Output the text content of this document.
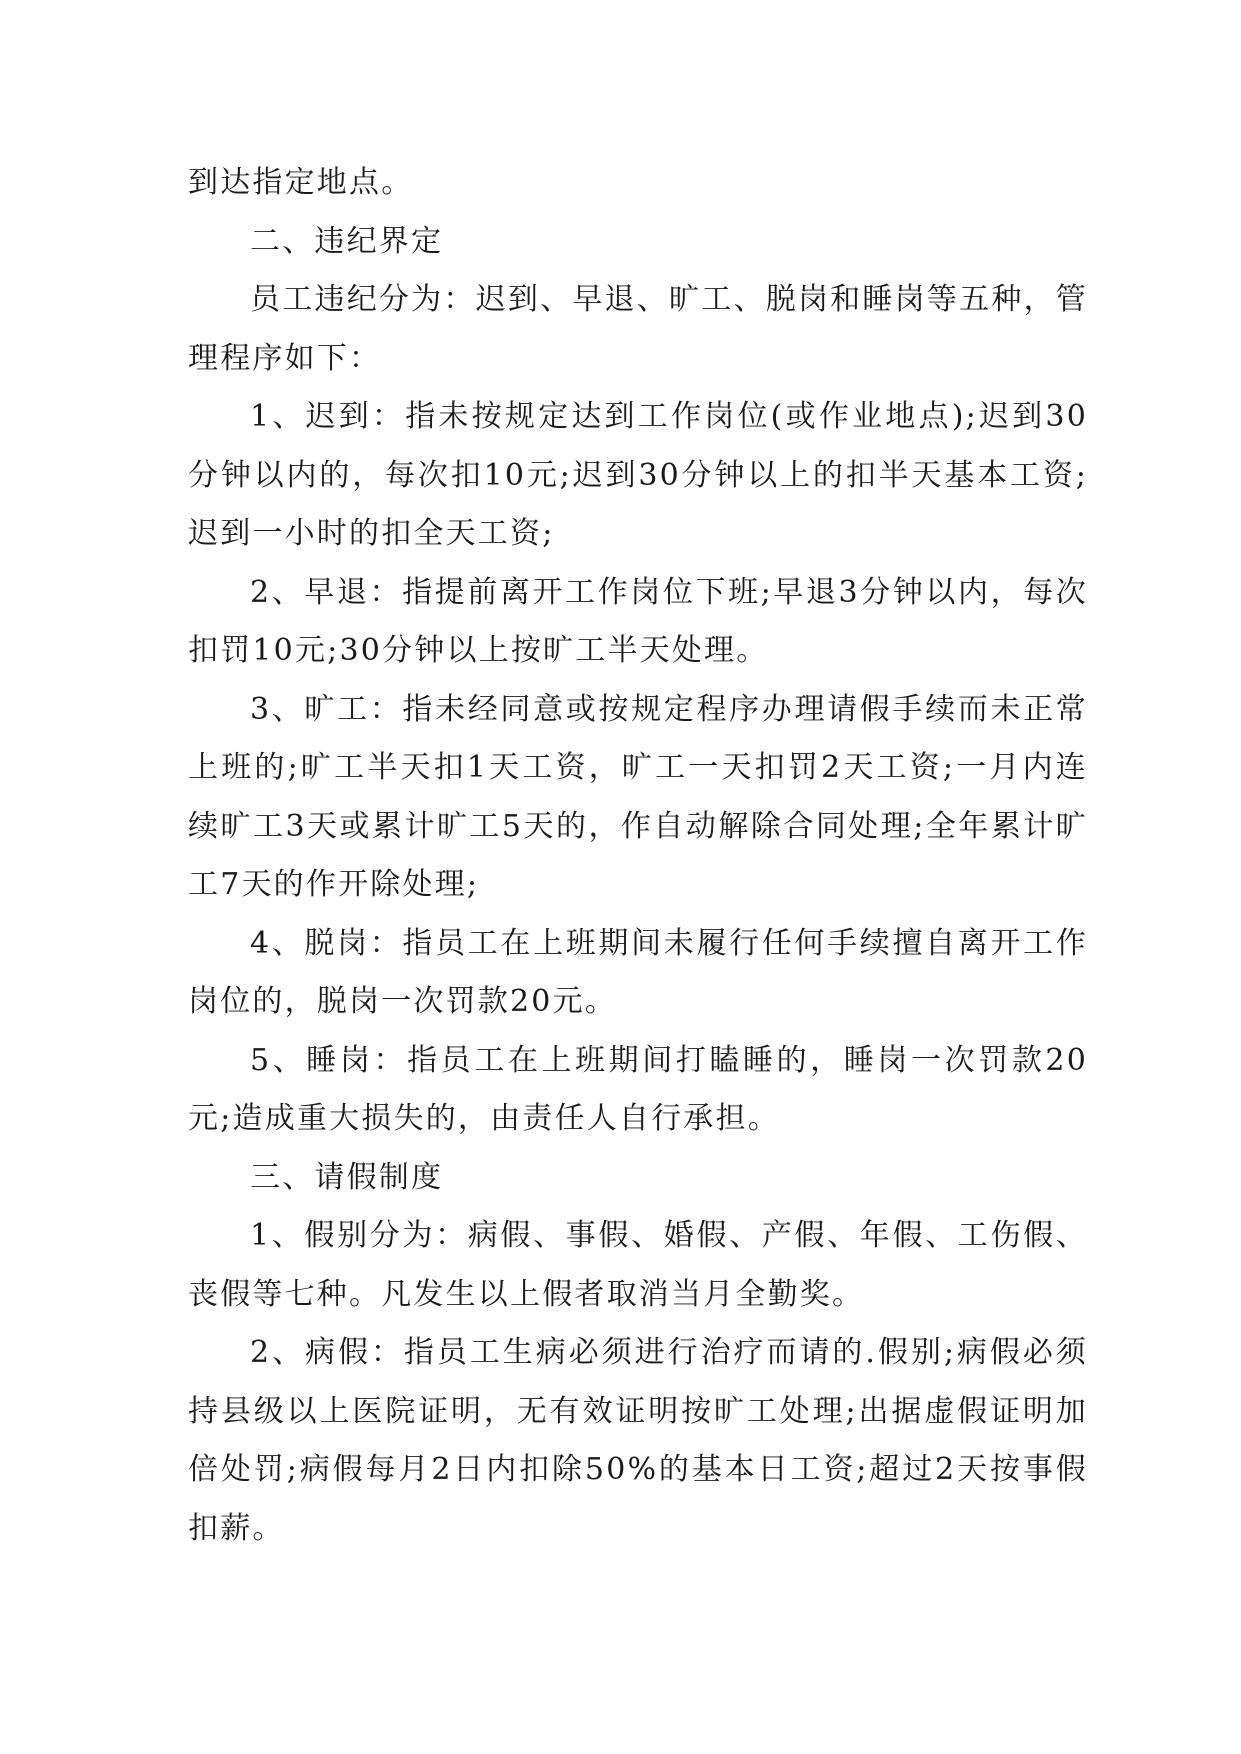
到达指定地点。

二、违纪界定

员工违纪分为：迟到、早退、旷工、脱岗和睡岗等五种，管理程序如下：

1、迟到：指未按规定达到工作岗位(或作业地点);迟到30分钟以内的，每次扣10元;迟到30分钟以上的扣半天基本工资;迟到一小时的扣全天工资;

2、早退：指提前离开工作岗位下班;早退3分钟以内，每次扣罚10元;30分钟以上按旷工半天处理。

3、旷工：指未经同意或按规定程序办理请假手续而未正常上班的;旷工半天扣1天工资，旷工一天扣罚2天工资;一月内连续旷工3天或累计旷工5天的，作自动解除合同处理;全年累计旷工7天的作开除处理;

4、脱岗：指员工在上班期间未履行任何手续擅自离开工作岗位的，脱岗一次罚款20元。

5、睡岗：指员工在上班期间打瞌睡的，睡岗一次罚款20元;造成重大损失的，由责任人自行承担。

三、请假制度

1、假别分为：病假、事假、婚假、产假、年假、工伤假、丧假等七种。凡发生以上假者取消当月全勤奖。

2、病假：指员工生病必须进行治疗而请的.假别;病假必须持县级以上医院证明，无有效证明按旷工处理;出据虚假证明加倍处罚;病假每月2日内扣除50%的基本日工资;超过2天按事假扣薪。
